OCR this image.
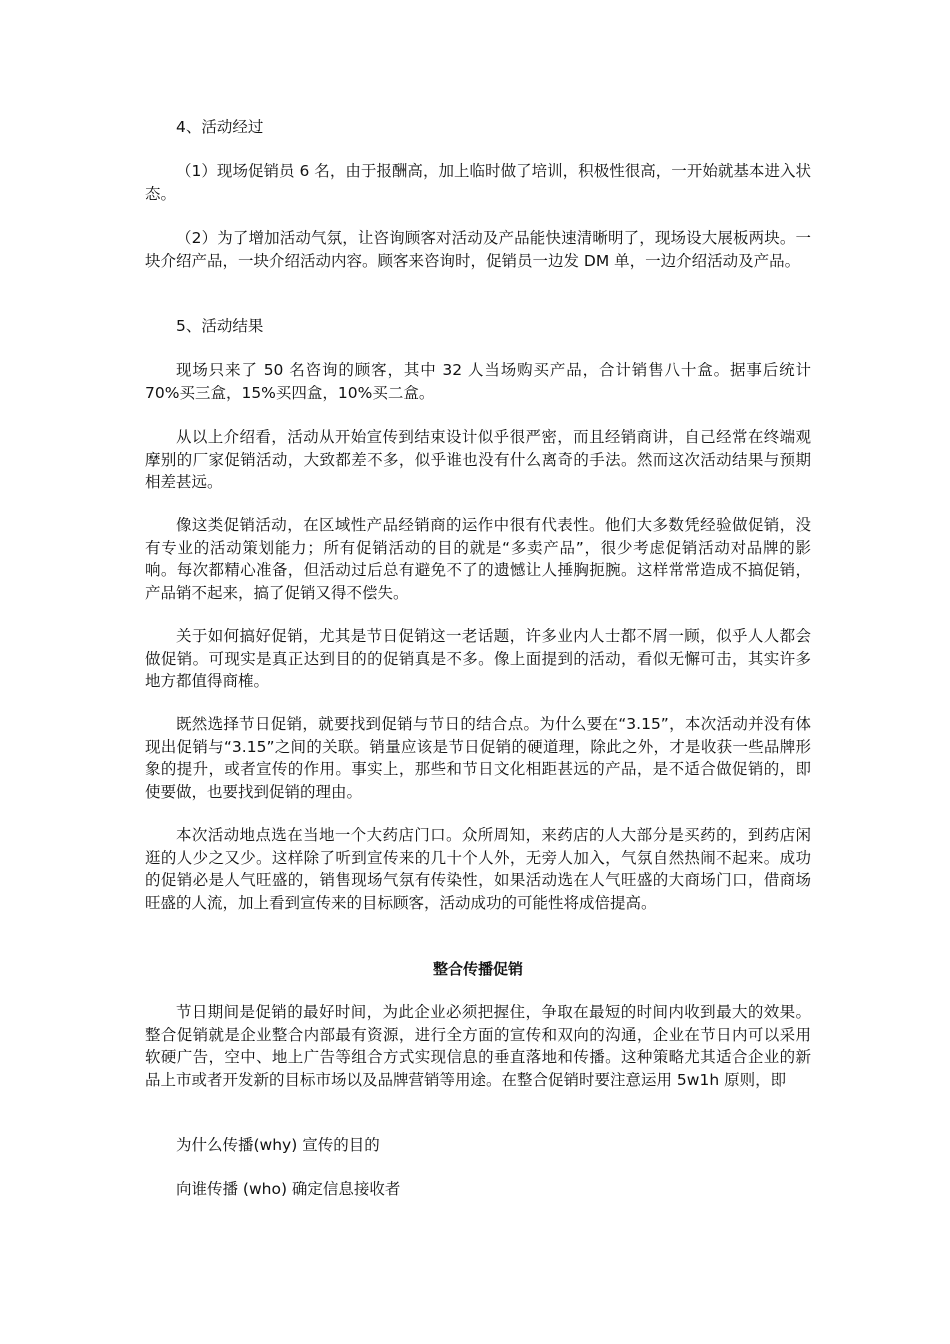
4、活动经过

（1）现场促销员 6 名，由于报酬高，加上临时做了培训，积极性很高，一开始就基本进入状态。

（2）为了增加活动气氛，让咨询顾客对活动及产品能快速清晰明了，现场设大展板两块。一块介绍产品，一块介绍活动内容。顾客来咨询时，促销员一边发 DM 单，一边介绍活动及产品。

5、活动结果

现场只来了 50 名咨询的顾客，其中 32 人当场购买产品，合计销售八十盒。据事后统计 70%买三盒，15%买四盒，10%买二盒。

从以上介绍看，活动从开始宣传到结束设计似乎很严密，而且经销商讲，自己经常在终端观摩别的厂家促销活动，大致都差不多，似乎谁也没有什么离奇的手法。然而这次活动结果与预期相差甚远。

像这类促销活动，在区域性产品经销商的运作中很有代表性。他们大多数凭经验做促销，没有专业的活动策划能力；所有促销活动的目的就是“多卖产品”，很少考虑促销活动对品牌的影响。每次都精心准备，但活动过后总有避免不了的遗憾让人捶胸扼腕。这样常常造成不搞促销，产品销不起来，搞了促销又得不偿失。

关于如何搞好促销，尤其是节日促销这一老话题，许多业内人士都不屑一顾，似乎人人都会做促销。可现实是真正达到目的的促销真是不多。像上面提到的活动，看似无懈可击，其实许多地方都值得商榷。

既然选择节日促销，就要找到促销与节日的结合点。为什么要在“3.15”，本次活动并没有体现出促销与“3.15”之间的关联。销量应该是节日促销的硬道理，除此之外，才是收获一些品牌形象的提升，或者宣传的作用。事实上，那些和节日文化相距甚远的产品，是不适合做促销的，即使要做，也要找到促销的理由。

本次活动地点选在当地一个大药店门口。众所周知，来药店的人大部分是买药的，到药店闲逛的人少之又少。这样除了听到宣传来的几十个人外，无旁人加入，气氛自然热闹不起来。成功的促销必是人气旺盛的，销售现场气氛有传染性，如果活动选在人气旺盛的大商场门口，借商场旺盛的人流，加上看到宣传来的目标顾客，活动成功的可能性将成倍提高。

整合传播促销

节日期间是促销的最好时间，为此企业必须把握住，争取在最短的时间内收到最大的效果。整合促销就是企业整合内部最有资源，进行全方面的宣传和双向的沟通，企业在节日内可以采用软硬广告，空中、地上广告等组合方式实现信息的垂直落地和传播。这种策略尤其适合企业的新品上市或者开发新的目标市场以及品牌营销等用途。在整合促销时要注意运用 5w1h 原则，即

为什么传播(why) 宣传的目的

向谁传播 (who) 确定信息接收者
